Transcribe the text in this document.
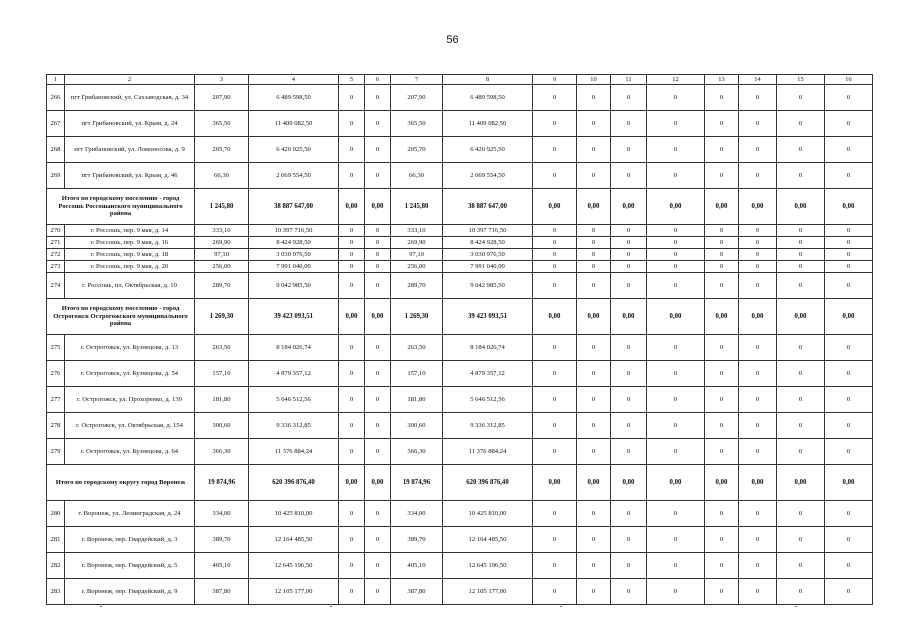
56
1	2	3	4	5	6	7	8	9	10	11	12	13	14	15	16
266	пгт Грибановский, ул. Сахзаводская, д. 34	207,90	6 489 598,50	0	0	207,90	6 489 598,50	0	0	0	0	0	0	0	0
267	пгт Грибановский, ул. Крым, д. 24	365,50	11 409 082,50	0	0	365,50	11 409 082,50	0	0	0	0	0	0	0	0
268	пгт Грибановский, ул. Ломоносова, д. 9	205,70	6 420 925,50	0	0	205,70	6 420 925,50	0	0	0	0	0	0	0	0
269	пгт Грибановский, ул. Крым, д. 46	66,30	2 069 554,50	0	0	66,30	2 069 554,50	0	0	0	0	0	0	0	0
Итого по городскому поселению - город Россошь Россошанского муниципального района		1 245,80	38 887 647,00	0,00	0,00	1 245,80	38 887 647,00	0,00	0,00	0,00	0,00	0,00	0,00	0,00	0,00
270	г. Россошь, пер. 9 мая, д. 14	333,10	10 397 716,50	0	0	333,10	10 397 716,50	0	0	0	0	0	0	0	0
271	г. Россошь, пер. 9 мая, д. 16	269,90	8 424 928,50	0	0	269,90	8 424 928,50	0	0	0	0	0	0	0	0
272	г. Россошь, пер. 9 мая, д. 18	97,10	3 030 976,50	0	0	97,10	3 030 976,50	0	0	0	0	0	0	0	0
273	г. Россошь, пер. 9 мая, д. 20	256,00	7 991 040,00	0	0	256,00	7 991 040,00	0	0	0	0	0	0	0	0
274	г. Россошь, пл. Октябрьская, д. 10	289,70	9 042 985,50	0	0	289,70	9 042 985,50	0	0	0	0	0	0	0	0
Итого по городскому поселению - город Острогожск Острогожского муниципального района		1 269,30	39 423 093,51	0,00	0,00	1 269,30	39 423 093,51	0,00	0,00	0,00	0,00	0,00	0,00	0,00	0,00
275	г. Острогожск, ул. Кузнецова, д. 13	263,50	8 184 026,74	0	0	263,50	8 184 026,74	0	0	0	0	0	0	0	0
276	г. Острогожск, ул. Кузнецова, д. 54	157,10	4 879 357,12	0	0	157,10	4 879 357,12	0	0	0	0	0	0	0	0
277	г. Острогожск, ул. Прохоренко, д. 139	181,80	5 646 512,56	0	0	181,80	5 646 512,56	0	0	0	0	0	0	0	0
278	г. Острогожск, ул. Октябрьская, д. 154	300,60	9 336 312,85	0	0	300,60	9 336 312,85	0	0	0	0	0	0	0	0
279	г. Острогожск, ул. Кузнецова, д. 64	366,30	11 376 884,24	0	0	366,30	11 376 884,24	0	0	0	0	0	0	0	0
Итого по городскому округу город Воронеж		19 874,96	620 396 876,40	0,00	0,00	19 874,96	620 396 876,40	0,00	0,00	0,00	0,00	0,00	0,00	0,00	0,00
280	г. Воронеж, ул. Ленинградская, д. 24	334,00	10 425 810,00	0	0	334,00	10 425 810,00	0	0	0	0	0	0	0	0
281	г. Воронеж, пер. Гвардейский, д. 3	389,70	12 164 485,50	0	0	389,70	12 164 485,50	0	0	0	0	0	0	0	0
282	г. Воронеж, пер. Гвардейский, д. 5	405,10	12 645 196,50	0	0	405,10	12 645 196,50	0	0	0	0	0	0	0	0
283	г. Воронеж, пер. Гвардейский, д. 9	387,80	12 105 177,00	0	0	387,80	12 105 177,00	0	0	0	0	0	0	0	0
